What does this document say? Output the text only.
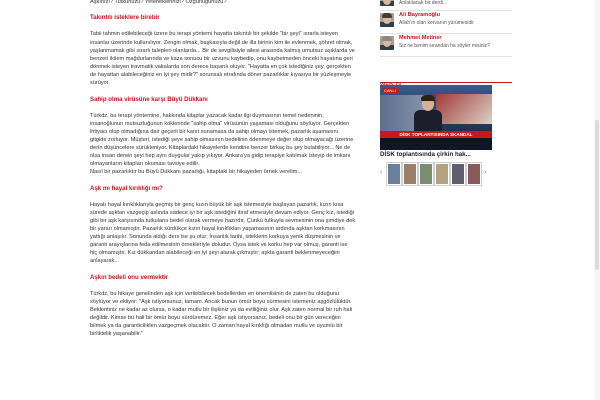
Aşkınızı? Tutkunuzu? Yeteneklerinizi? Özgürlüğünüzü?

Takıntılı isteklere birebir

Tabii tahmin edilebileceği üzere bu terapi yöntemi hayatta takıntılı bir şekilde "bir şeyi" ısrarla isteyen insanlar üzerinde kullanılıyor. Zengin olmak, başkasıyla değil de illa birinin kim ile evlenmek, şöhret olmak, yaşlanmamak gibi ısrarlı talepleri olanlarda... Bir de sevgilisiyle ailesi arasında kalmış umutsuz aşıklarda ve benzeri ikilem mağdurlarında ve kaza sonucu bir uzvunu kaybedip, onu kaybetmeden önceki hayatına geri dönmek isteyen travmatik vakalarda son derece başarılı oluyor. "Hayatta en çok istediğiniz şey, gerçekten de hayattan alabileceğiniz en iyi şey midir?" sorunsalı etrafında döner pazarlıklar kıyasıya bir yüzleşmeyle sürüyor.

Sahip olma virüsüne karşı Büyü Dükkanı

Türkdz, bu terapi yöntemine, hakkında kitaplar yazacak kadar ilgi duymasının temel nedeninin, insanoğlunun mutsuzluğunun köklerinde "sahip olma" virüsünün yaşaması olduğunu söylüyor. Gerçekten ihtiyacı olup olmadığına dair geçerli bir kanıt sunamasa da sahip olmayı istemek, pazarlık aşamasını gitgide zorluyor. Müşteri, istediği şeye sahip olmasının bedelinin ödenmeye değer olup olmayacağı üzerine derin düşüncelere sürükleniyor. Kitaplardaki hikayelerde kendine benzer birkaç bu şey bulabiliyor... Ne de olsa insan denen şeyi hep aynı duygular yakıp yıkıyor. Ankara'ya gidip terapiye katılmak isteyip de imkanı olmayanların kitapları okuması tavsiye edilir.

Nasıl bir pazarlıktır bu Büyü Dükkanı pazarlığı, kitaptaki bir hikayeden örnek verelim...

Aşk mı hayal kırıklığı mı?

Hayatı hayal kırıklıklarıyla geçmiş bir genç kızın büyük bir aşk istemesiyle başlayan pazarlık, kızın kısa sürede aşktan vazgeçip aslında sadece iyi bir aşk istediğini itiraf etmesiyle devam ediyor. Genç kız, istediği gibi bir aşk karşısında tutkulanıı bedel olarak vermeye hazırdır. Çünkü tutkuyla sevmesinin ona şimdiye dek bir yararı olmamıştır. Pazarlık sürdükçe kızın hayal kırıklıkları yaşamasının ardında aşktan korkmasının yattığı anlaşılır. Sonunda aldığı ders ise şu olur; İnsanlık tarihi, isteklerin korkuya yenik düşmesinin ve garanti arayışlarına feda edilmesinin örnekleriyle doludur. Oysa istek ve korku hep var olmuş, garanti ise hiç olmamıştır. Kız dükkandan alabileceği en iyi şeyi alarak çıkmıştır; aşkta garanti beklenmeyeceğini anlayarak...

Aşkın bedeli onu vermektir

Türkdz, bu hikaye genelinden aşk için verilebilecek bedellerden en önemlisinin de zaten bu olduğunu söylüyor ve ekliyor: "Aşk istiyorsunuz, tamam. Ancak bunun ömür boyu sürmesini istemeniz aşgözlülüktür. Beklentiniz ne kadar az olursa, o kadar mutlu bir ilişkiniz ya da evliliğiniz olur. Aşk zaten normal bir ruh hali değildir. Kimse bu hali bir ömür boyu sürdüremez. Eğer aşk istiyorsanız, bedeli onu bir gün vereceğini bilmek ya da garanticiliklen vazgeçmek olacaktır. O zaman hayal kırıklığı olmadan mutlu ve uyumlu bir birliktelik yaşanabilir."

Anlatılacak bir derdi...
Ali Bayramoğlu
Allah'ın olan kervanın yürümesidir
Mehmet Metiner
Siz ne benim sırandan ha söyler misiniz?
CANLI
DİSK TOPLANTISINDA SKANDAL
DİSK toplantısında çirkin hak...
‹	›
